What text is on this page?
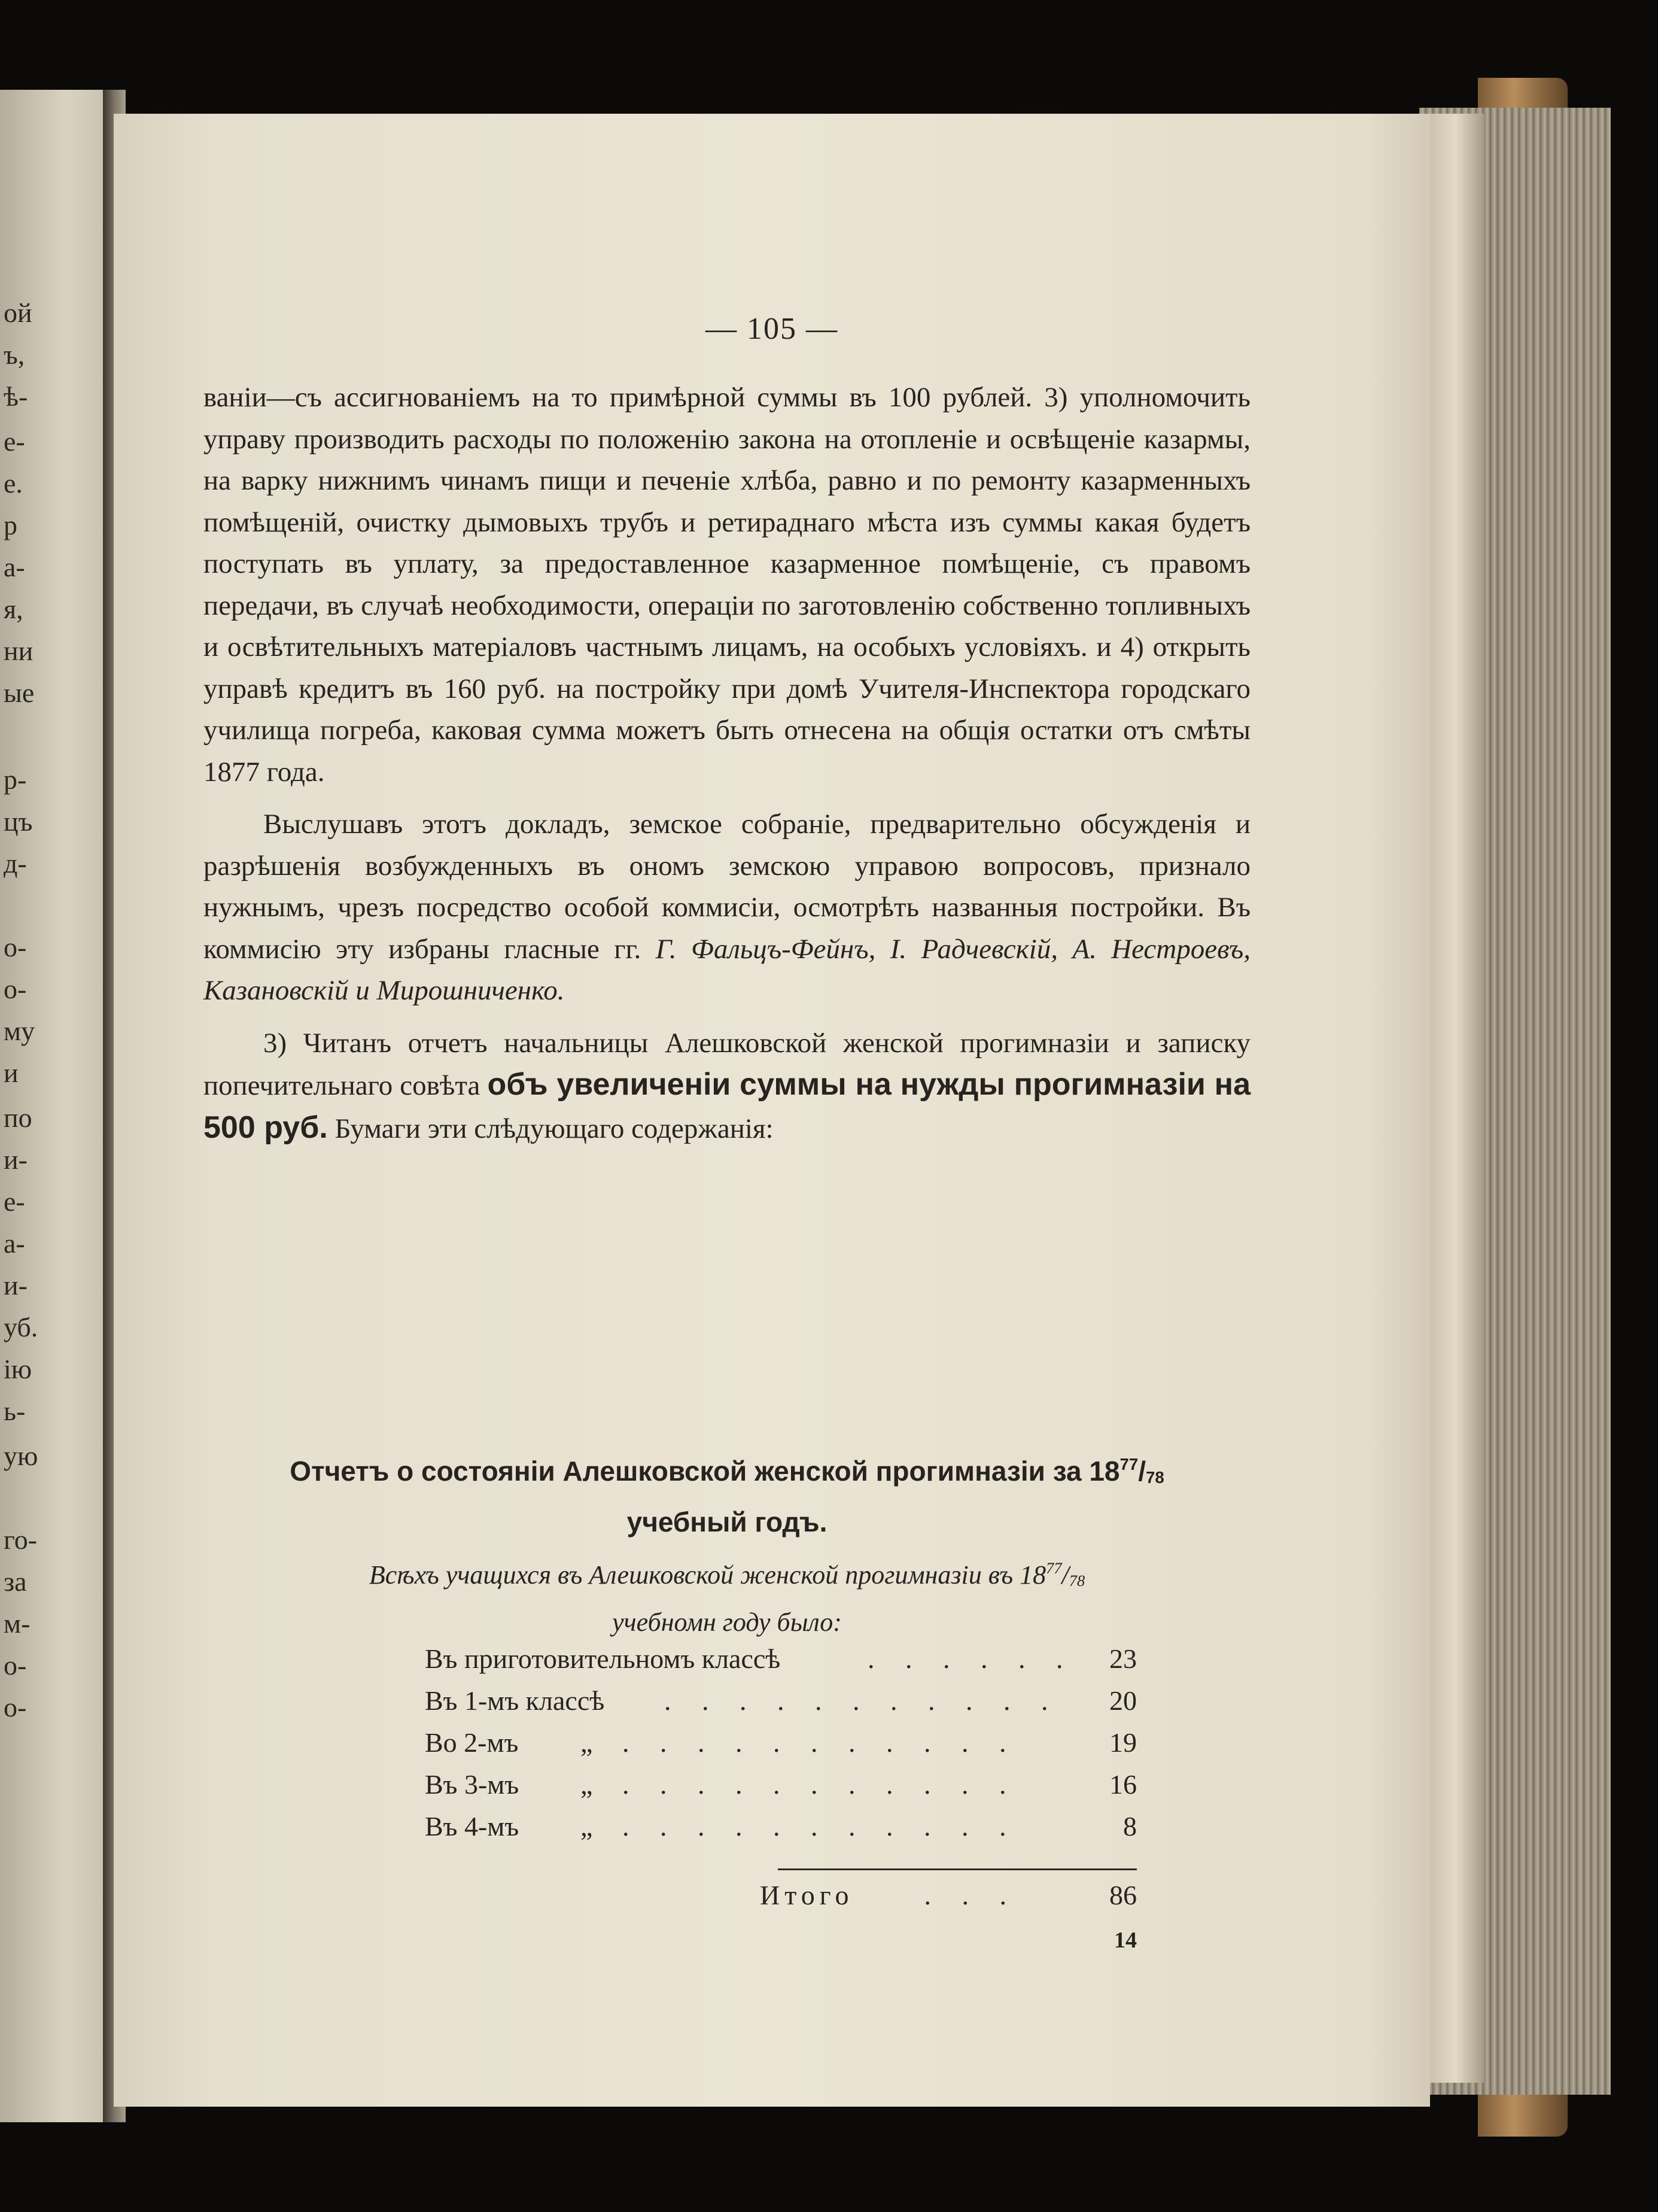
ой
ъ,
ѣ-
е-
е.
р
а-
я,
ни
ые
р-
цъ
д-
о-
о-
му
и
по
и-
е-
а-
и-
уб.
ію
ь-
ую
го-
за
м-
о-
о-
— 105 —

ваніи—съ ассигнованіемъ на то примѣрной суммы въ 100 рублей. 3) уполномочить управу производить расходы по положенію закона на отопленіе и освѣщеніе казармы, на варку нижнимъ чинамъ пищи и печеніе хлѣба, равно и по ремонту казарменныхъ помѣщеній, очистку дымовыхъ трубъ и ретираднаго мѣста изъ суммы какая будетъ поступать въ уплату, за предоставленное казарменное помѣщеніе, съ правомъ передачи, въ случаѣ необходимости, операціи по заготовленію собственно топливныхъ и освѣтительныхъ матеріаловъ частнымъ лицамъ, на особыхъ условіяхъ. и 4) открыть управѣ кредитъ въ 160 руб. на постройку при домѣ Учителя-Инспектора городскаго училища погреба, каковая сумма можетъ быть отнесена на общія остатки отъ смѣты 1877 года.

Выслушавъ этотъ докладъ, земское собраніе, предварительно обсужденія и разрѣшенія возбужденныхъ въ ономъ земскою управою вопросовъ, признало нужнымъ, чрезъ посредство особой коммисіи, осмотрѣть названныя постройки. Въ коммисію эту избраны гласные гг. Г. Фальцъ-Фейнъ, І. Радчевскій, А. Нестроевъ, Казановскій и Мирошниченко.

3) Читанъ отчетъ начальницы Алешковской женской прогимназіи и записку попечительнаго совѣта объ увеличеніи суммы на нужды прогимназіи на 500 руб. Бумаги эти слѣдующаго содержанія:

Отчетъ о состояніи Алешковской женской прогимназіи за $18^{77}/_{78}$
учебный годъ.
Всѣхъ учащихся въ Алешковской женской прогимназіи въ $18^{77}/_{78}$
учебномн году было:
Въ приготовительномъ классѣ	. . . . . .	23
Въ 1-мъ классѣ	. . . . . . . . . . .	20
Во 2-мъ	„	. . . . . . . . . . .	19
Въ 3-мъ	„	. . . . . . . . . . .	16
Въ 4-мъ	„	. . . . . . . . . . .	8
Итого	. . .	86
14
